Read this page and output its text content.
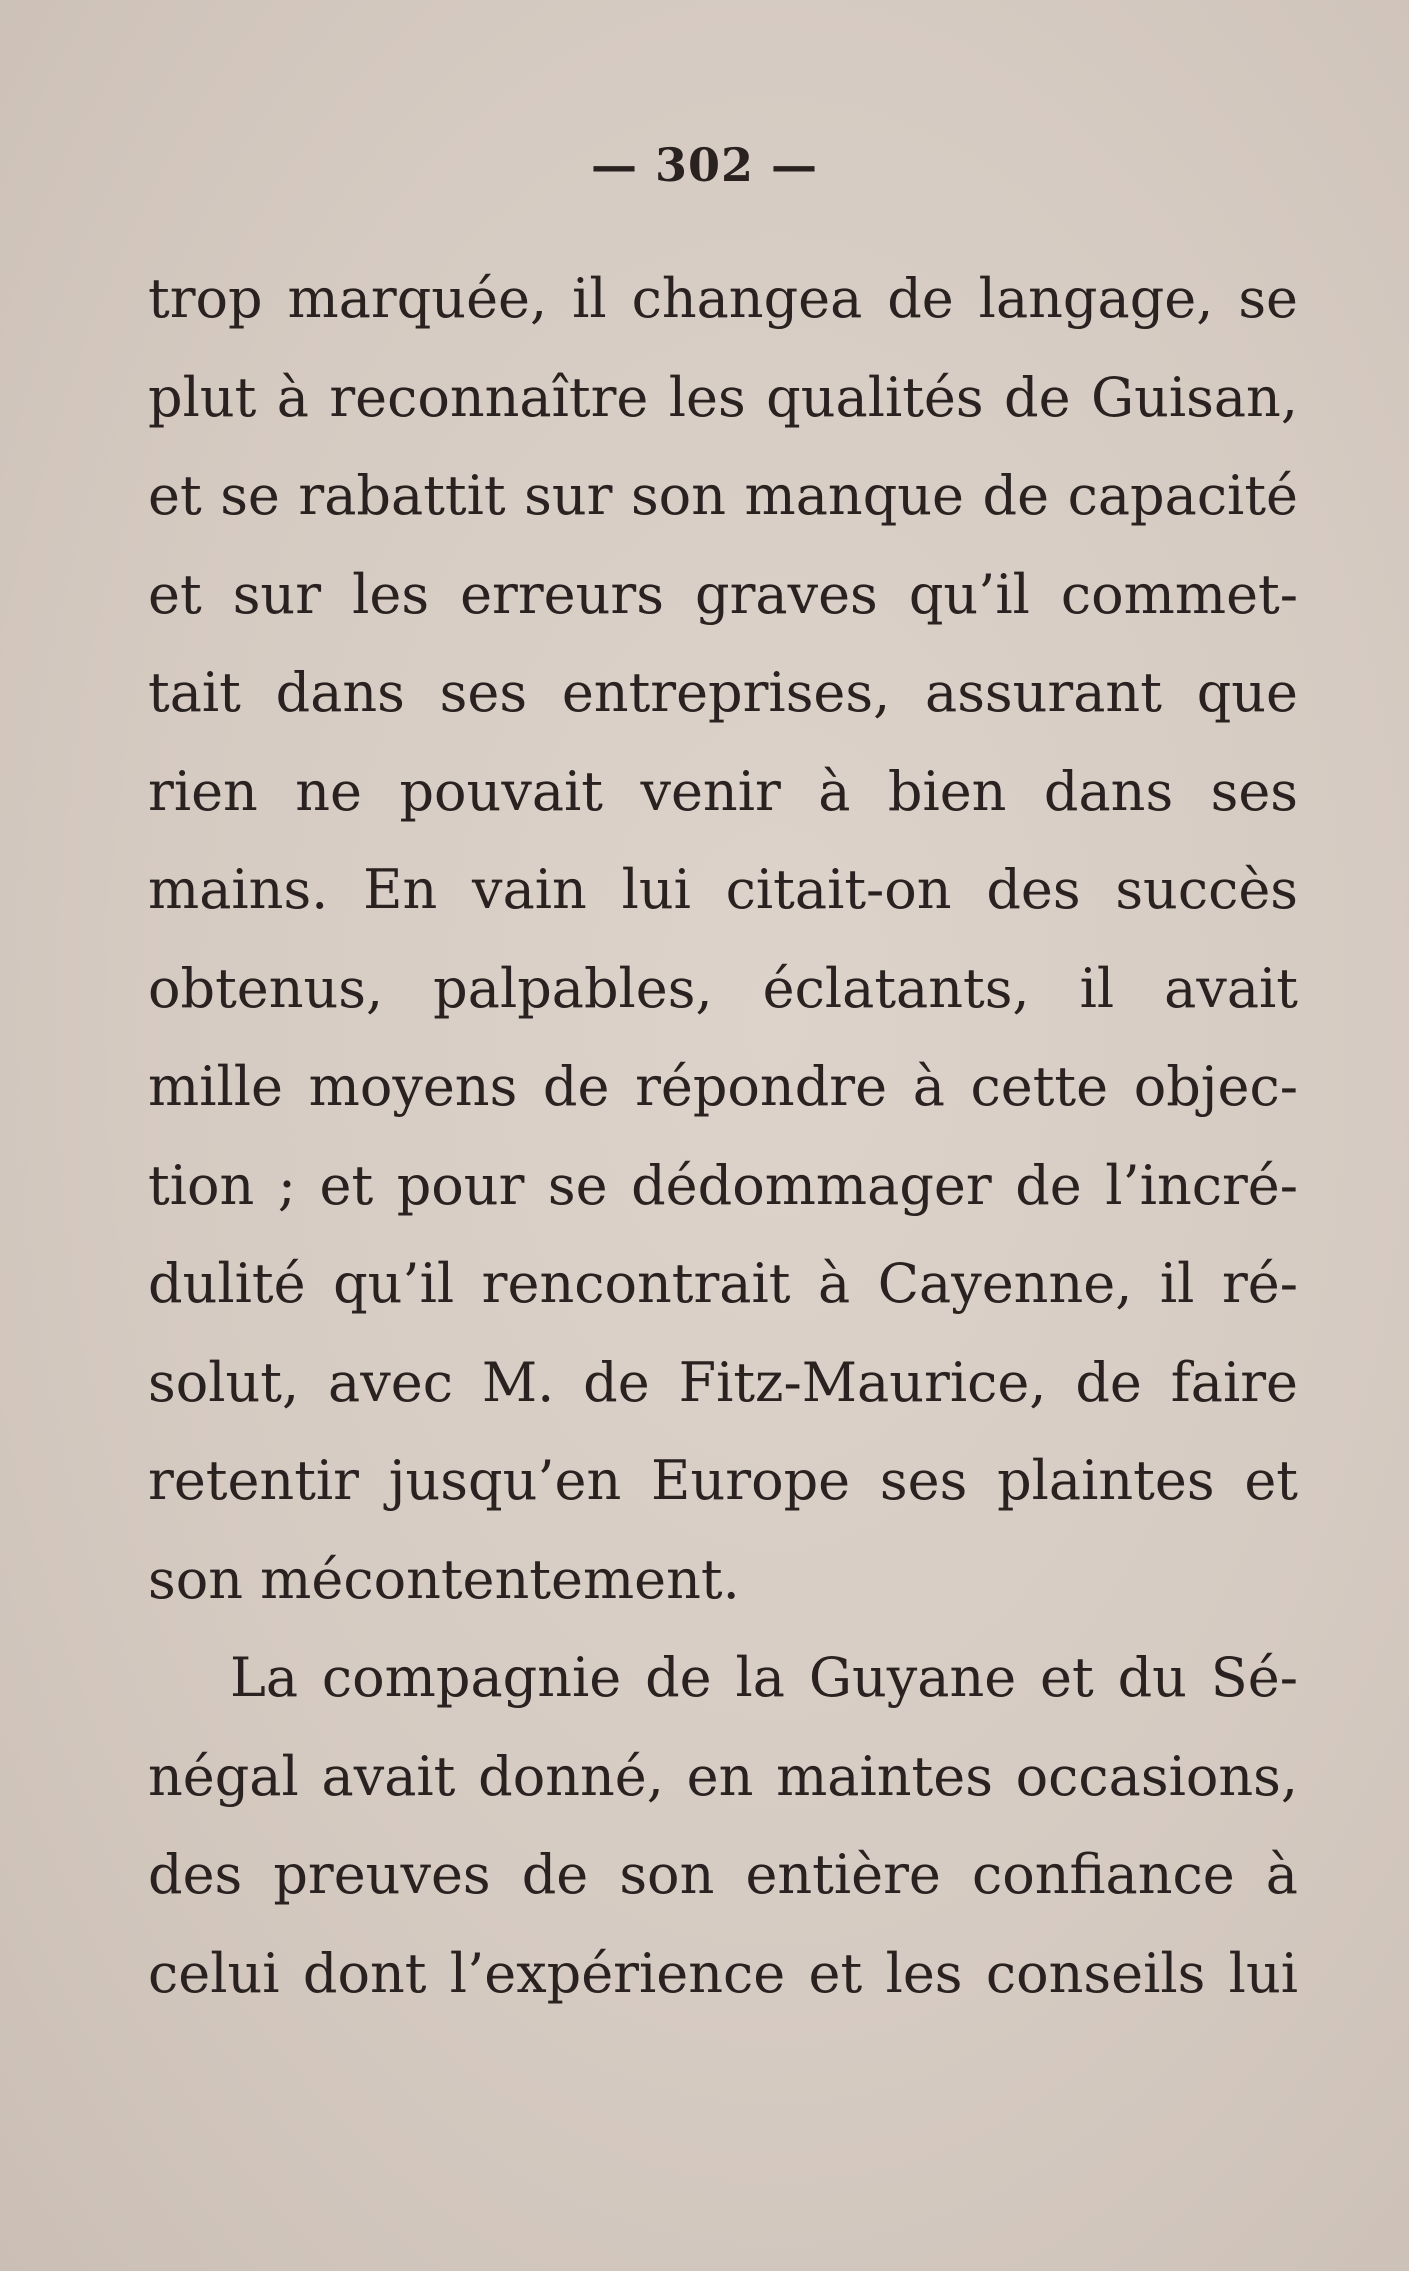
— 302 —
trop marquée, il changea de langage, se
plut à reconnaître les qualités de Guisan,
et se rabattit sur son manque de capacité
et sur les erreurs graves qu’il commet-
tait dans ses entreprises, assurant que
rien ne pouvait venir à bien dans ses
mains. En vain lui citait-on des succès
obtenus, palpables, éclatants, il avait
mille moyens de répondre à cette objec-
tion ; et pour se dédommager de l’incré-
dulité qu’il rencontrait à Cayenne, il ré-
solut, avec M. de Fitz-Maurice, de faire
retentir jusqu’en Europe ses plaintes et
son mécontentement.
La compagnie de la Guyane et du Sé-
négal avait donné, en maintes occasions,
des preuves de son entière confiance à
celui dont l’expérience et les conseils lui
